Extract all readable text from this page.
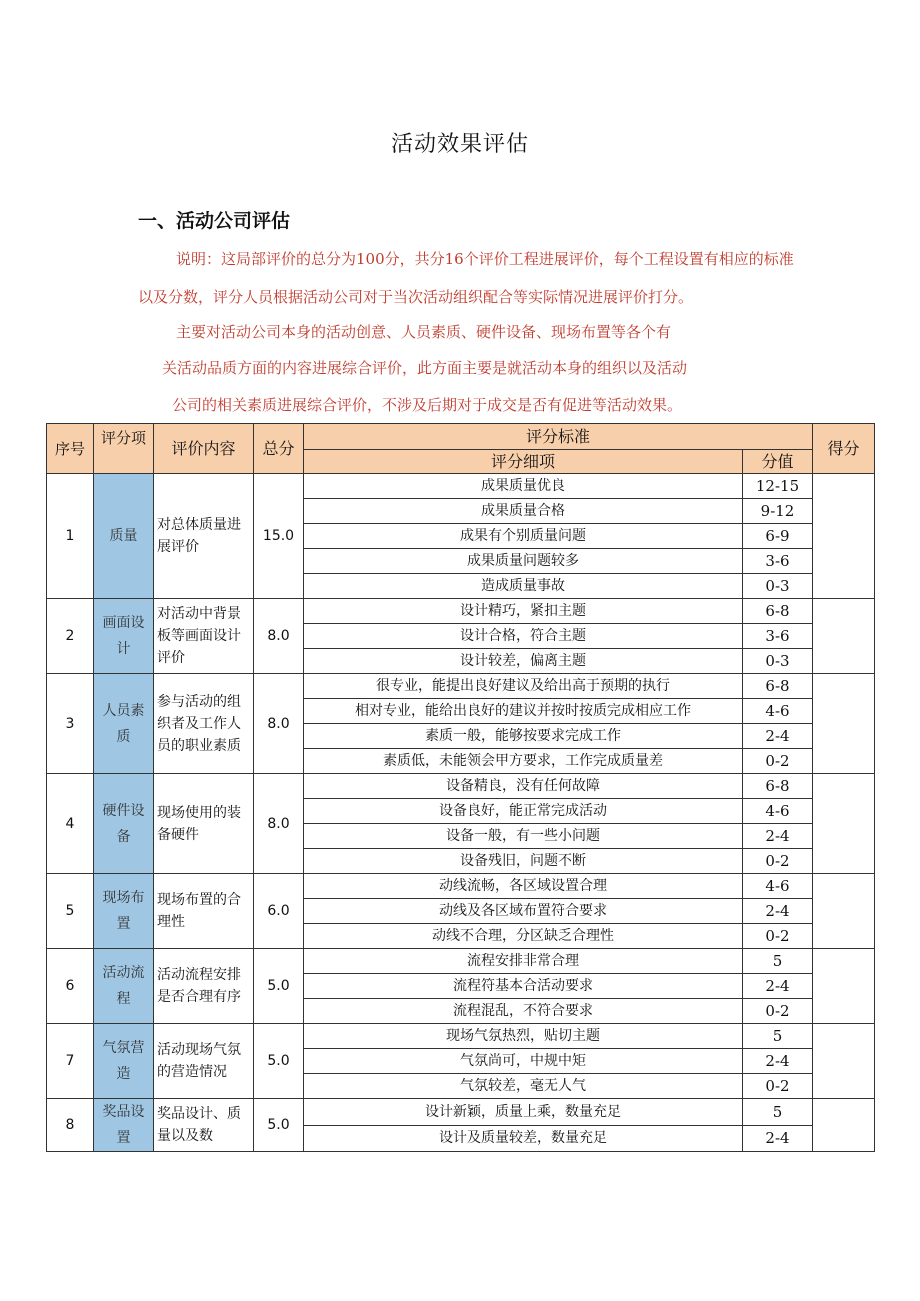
活动效果评估
一、活动公司评估
说明：这局部评价的总分为100分，共分16个评价工程进展评价，每个工程设置有相应的标准
以及分数，评分人员根据活动公司对于当次活动组织配合等实际情况进展评价打分。
主要对活动公司本身的活动创意、人员素质、硬件设备、现场布置等各个有
关活动品质方面的内容进展综合评价，此方面主要是就活动本身的组织以及活动
公司的相关素质进展综合评价，不涉及后期对于成交是否有促进等活动效果。
序号	评分项	评价内容	总分	评分标准		得分
				评分细项	分值	
1	质量	对总体质量进展评价	15.0	成果质量优良	12-15	
				成果质量合格	9-12	
				成果有个别质量问题	6-9	
				成果质量问题较多	3-6	
				造成质量事故	0-3	
2	画面设计	对活动中背景板等画面设计评价	8.0	设计精巧，紧扣主题	6-8	
				设计合格，符合主题	3-6	
				设计较差，偏离主题	0-3	
3	人员素质	参与活动的组织者及工作人员的职业素质	8.0	很专业，能提出良好建议及给出高于预期的执行	6-8	
				相对专业，能给出良好的建议并按时按质完成相应工作	4-6	
				素质一般，能够按要求完成工作	2-4	
				素质低，未能领会甲方要求，工作完成质量差	0-2	
4	硬件设备	现场使用的装备硬件	8.0	设备精良，没有任何故障	6-8	
				设备良好，能正常完成活动	4-6	
				设备一般，有一些小问题	2-4	
				设备残旧，问题不断	0-2	
5	现场布置	现场布置的合理性	6.0	动线流畅，各区域设置合理	4-6	
				动线及各区域布置符合要求	2-4	
				动线不合理，分区缺乏合理性	0-2	
6	活动流程	活动流程安排是否合理有序	5.0	流程安排非常合理	5	
				流程符基本合活动要求	2-4	
				流程混乱，不符合要求	0-2	
7	气氛营造	活动现场气氛的营造情况	5.0	现场气氛热烈，贴切主题	5	
				气氛尚可，中规中矩	2-4	
				气氛较差，毫无人气	0-2	
8	奖品设置	奖品设计、质量以及数	5.0	设计新颖，质量上乘，数量充足	5	
				设计及质量较差，数量充足	2-4	
